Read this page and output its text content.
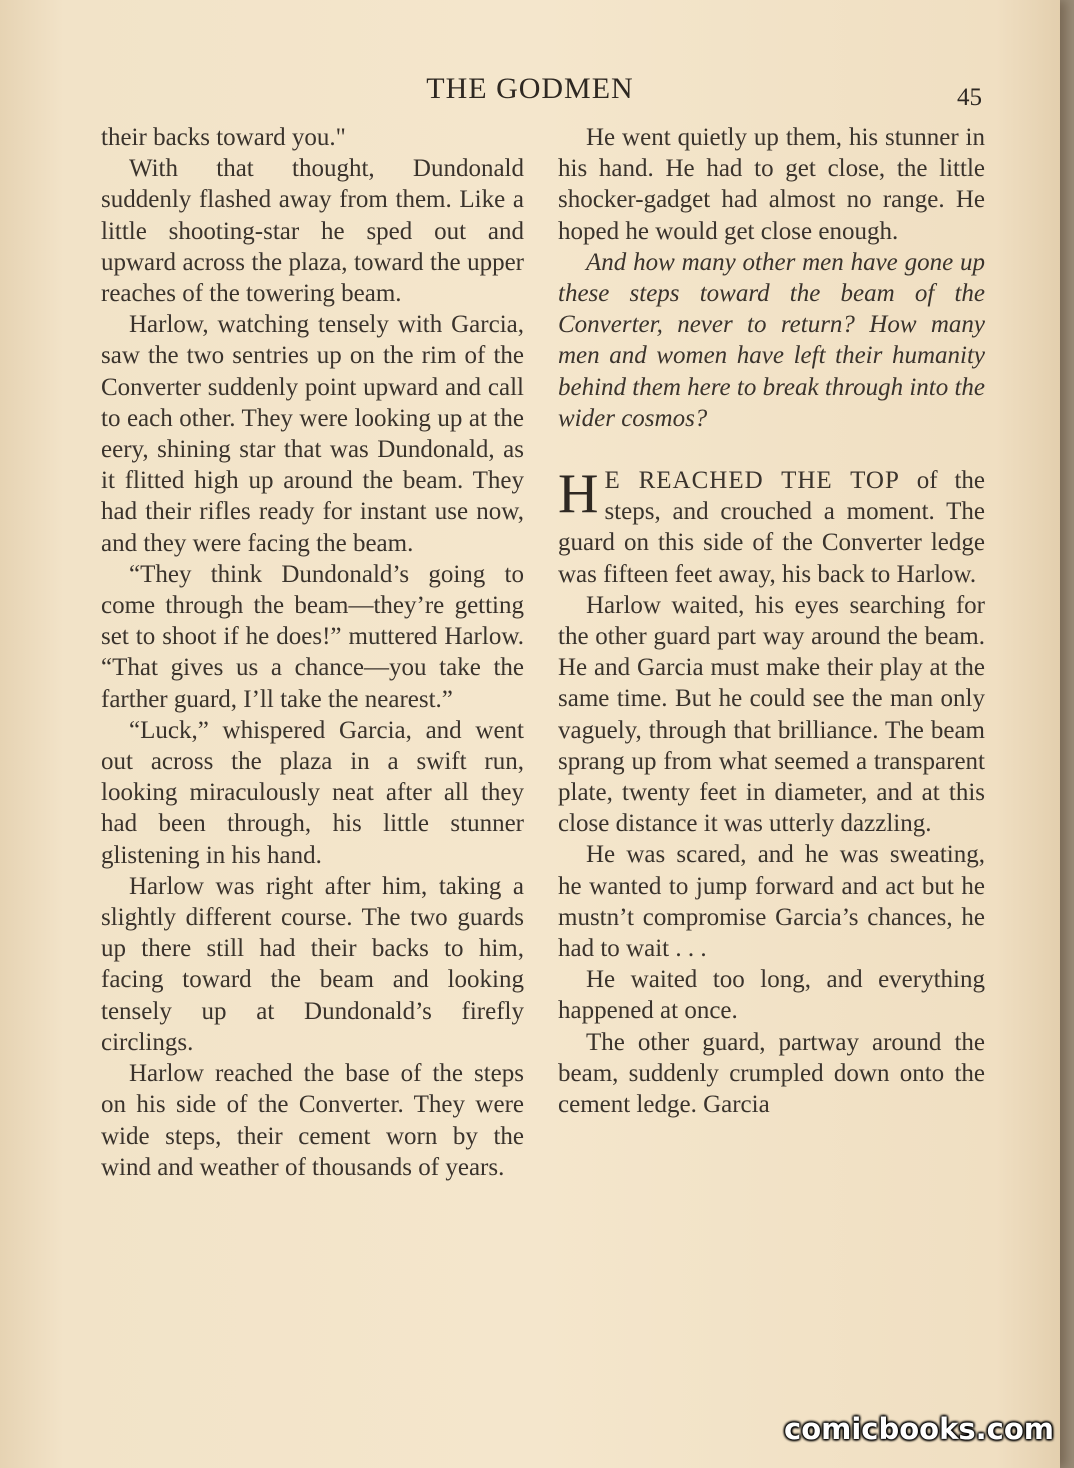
THE GODMEN	45

their backs toward you."

With that thought, Dundonald suddenly flashed away from them. Like a little shooting-star he sped out and upward across the plaza, toward the upper reaches of the towering beam.

Harlow, watching tensely with Garcia, saw the two sentries up on the rim of the Converter suddenly point upward and call to each other. They were looking up at the eery, shining star that was Dundonald, as it flitted high up around the beam. They had their rifles ready for instant use now, and they were facing the beam.

“They think Dundonald’s going to come through the beam—they’re getting set to shoot if he does!” muttered Harlow. “That gives us a chance—you take the farther guard, I’ll take the nearest.”

“Luck,” whispered Garcia, and went out across the plaza in a swift run, looking miraculously neat after all they had been through, his little stunner glistening in his hand.

Harlow was right after him, taking a slightly different course. The two guards up there still had their backs to him, facing toward the beam and looking tensely up at Dundonald’s firefly circlings.

Harlow reached the base of the steps on his side of the Converter. They were wide steps, their cement worn by the wind and weather of thousands of years.

He went quietly up them, his stunner in his hand. He had to get close, the little shocker-gadget had almost no range. He hoped he would get close enough.

And how many other men have gone up these steps toward the beam of the Converter, never to return? How many men and women have left their humanity behind them here to break through into the wider cosmos?

H E REACHED THE TOP of the steps, and crouched a moment. The guard on this side of the Converter ledge was fifteen feet away, his back to Harlow.

Harlow waited, his eyes searching for the other guard part way around the beam. He and Garcia must make their play at the same time. But he could see the man only vaguely, through that brilliance. The beam sprang up from what seemed a transparent plate, twenty feet in diameter, and at this close distance it was utterly dazzling.

He was scared, and he was sweating, he wanted to jump forward and act but he mustn’t compromise Garcia’s chances, he had to wait . . .

He waited too long, and everything happened at once.

The other guard, partway around the beam, suddenly crumpled down onto the cement ledge. Garcia

comicbooks.com
